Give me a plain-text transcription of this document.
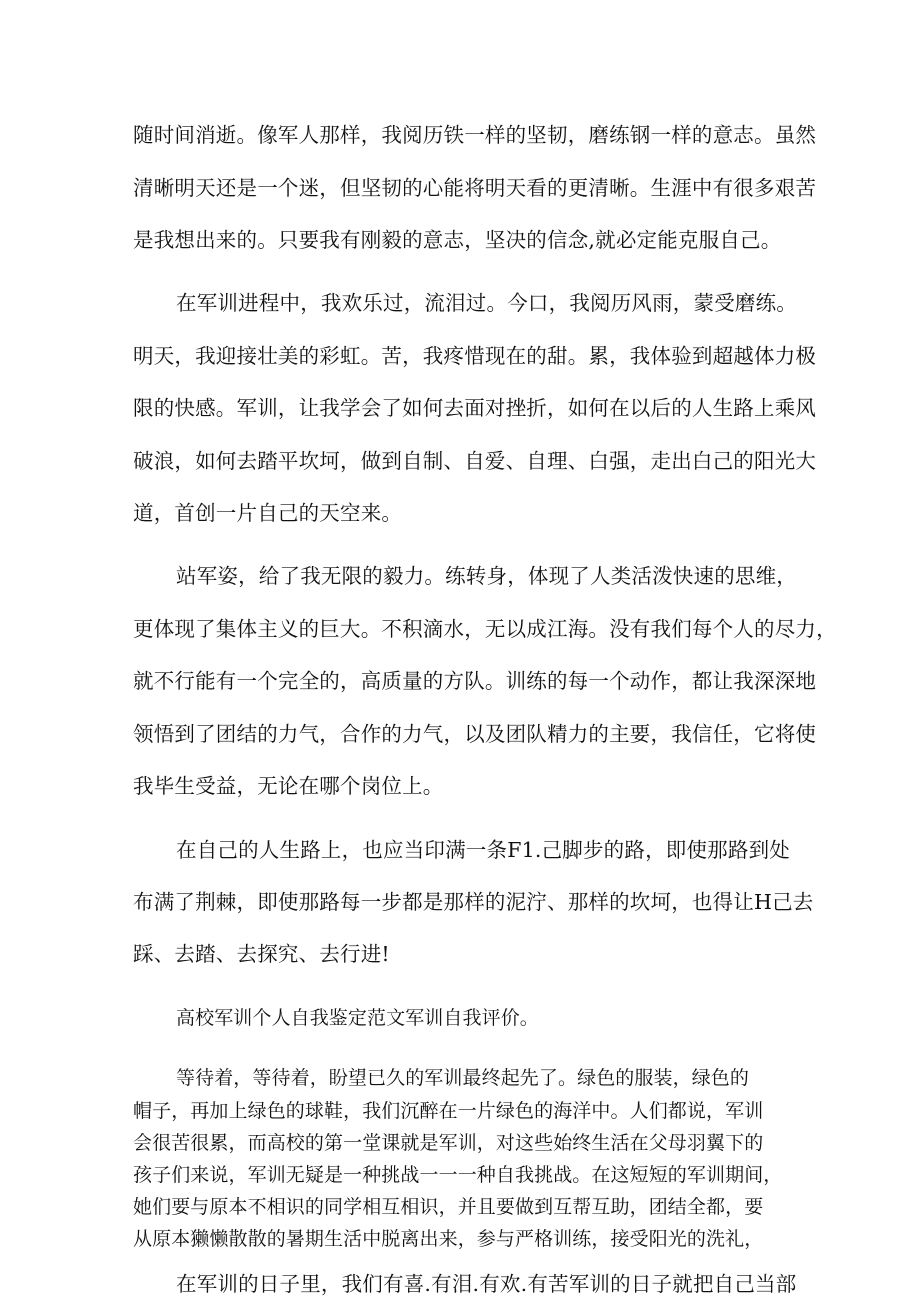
随时间消逝。像军人那样，我阅历铁一样的坚韧，磨练钢一样的意志。虽然
清晰明天还是一个迷，但坚韧的心能将明天看的更清晰。生涯中有很多艰苦
是我想出来的。只要我有刚毅的意志，坚决的信念,就必定能克服自己。
在军训进程中，我欢乐过，流泪过。今口，我阅历风雨，蒙受磨练。
明天，我迎接壮美的彩虹。苦，我疼惜现在的甜。累，我体验到超越体力极
限的快感。军训，让我学会了如何去面对挫折，如何在以后的人生路上乘风
破浪，如何去踏平坎坷，做到自制、自爱、自理、白强，走出白己的阳光大
道，首创一片自己的天空来。
站军姿，给了我无限的毅力。练转身，体现了人类活泼快速的思维，
更体现了集体主义的巨大。不积滴水，无以成江海。没有我们每个人的尽力，
就不行能有一个完全的，高质量的方队。训练的每一个动作，都让我深深地
领悟到了团结的力气，合作的力气，以及团队精力的主要，我信任，它将使
我毕生受益，无论在哪个岗位上。
在自己的人生路上，也应当印满一条F1.己脚步的路，即使那路到处
布满了荆棘，即使那路每一步都是那样的泥泞、那样的坎坷，也得让H己去
踩、去踏、去探究、去行进!
高校军训个人自我鉴定范文军训自我评价。
等待着，等待着，盼望已久的军训最终起先了。绿色的服装，绿色的
帽子，再加上绿色的球鞋，我们沉醉在一片绿色的海洋中。人们都说，军训
会很苦很累，而高校的第一堂课就是军训，对这些始终生活在父母羽翼下的
孩子们来说，军训无疑是一种挑战一一一种自我挑战。在这短短的军训期间，
她们要与原本不相识的同学相互相识，并且要做到互帮互助，团结全都，要
从原本獭懒散散的暑期生活中脱离出来，参与严格训练，接受阳光的洗礼，
在军训的日子里，我们有喜.有泪.有欢.有苦军训的日子就把自己当部
